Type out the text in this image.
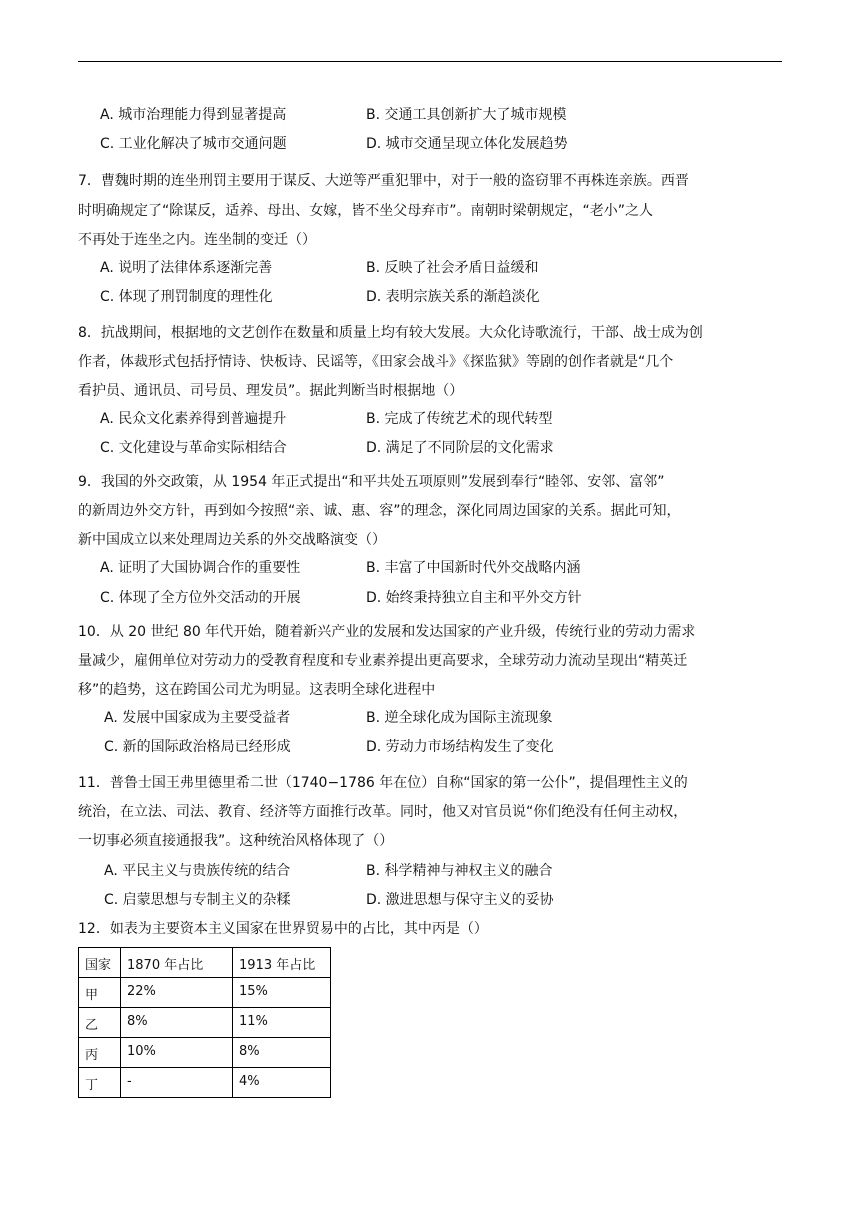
A. 城市治理能力得到显著提高	B. 交通工具创新扩大了城市规模
C. 工业化解决了城市交通问题	D. 城市交通呈现立体化发展趋势
7．曹魏时期的连坐刑罚主要用于谋反、大逆等严重犯罪中，对于一般的盗窃罪不再株连亲族。西晋
时明确规定了“除谋反，适养、母出、女嫁，皆不坐父母弃市”。南朝时梁朝规定，“老小”之人
不再处于连坐之内。连坐制的变迁（）
A. 说明了法律体系逐渐完善	B. 反映了社会矛盾日益缓和
C. 体现了刑罚制度的理性化	D. 表明宗族关系的渐趋淡化
8．抗战期间，根据地的文艺创作在数量和质量上均有较大发展。大众化诗歌流行，干部、战士成为创
作者，体裁形式包括抒情诗、快板诗、民谣等，《田家会战斗》《探监狱》等剧的创作者就是“几个
看护员、通讯员、司号员、理发员”。据此判断当时根据地（）
A. 民众文化素养得到普遍提升	B. 完成了传统艺术的现代转型
C. 文化建设与革命实际相结合	D. 满足了不同阶层的文化需求
9．我国的外交政策，从 1954 年正式提出“和平共处五项原则”发展到奉行“睦邻、安邻、富邻”
的新周边外交方针，再到如今按照“亲、诚、惠、容”的理念，深化同周边国家的关系。据此可知，
新中国成立以来处理周边关系的外交战略演变（）
A. 证明了大国协调合作的重要性	B. 丰富了中国新时代外交战略内涵
C. 体现了全方位外交活动的开展	D. 始终秉持独立自主和平外交方针
10．从 20 世纪 80 年代开始，随着新兴产业的发展和发达国家的产业升级，传统行业的劳动力需求
量减少，雇佣单位对劳动力的受教育程度和专业素养提出更高要求，全球劳动力流动呈现出“精英迁
移”的趋势，这在跨国公司尤为明显。这表明全球化进程中
A. 发展中国家成为主要受益者	B. 逆全球化成为国际主流现象
C. 新的国际政治格局已经形成	D. 劳动力市场结构发生了变化
11．普鲁士国王弗里德里希二世（1740−1786 年在位）自称“国家的第一公仆”，提倡理性主义的
统治，在立法、司法、教育、经济等方面推行改革。同时，他又对官员说“你们绝没有任何主动权，
一切事必须直接通报我”。这种统治风格体现了（）
A. 平民主义与贵族传统的结合	B. 科学精神与神权主义的融合
C. 启蒙思想与专制主义的杂糅	D. 激进思想与保守主义的妥协
12．如表为主要资本主义国家在世界贸易中的占比，其中丙是（）
国家	1870 年占比	1913 年占比
甲	22%	15%
乙	8%	11%
丙	10%	8%
丁	-	4%
